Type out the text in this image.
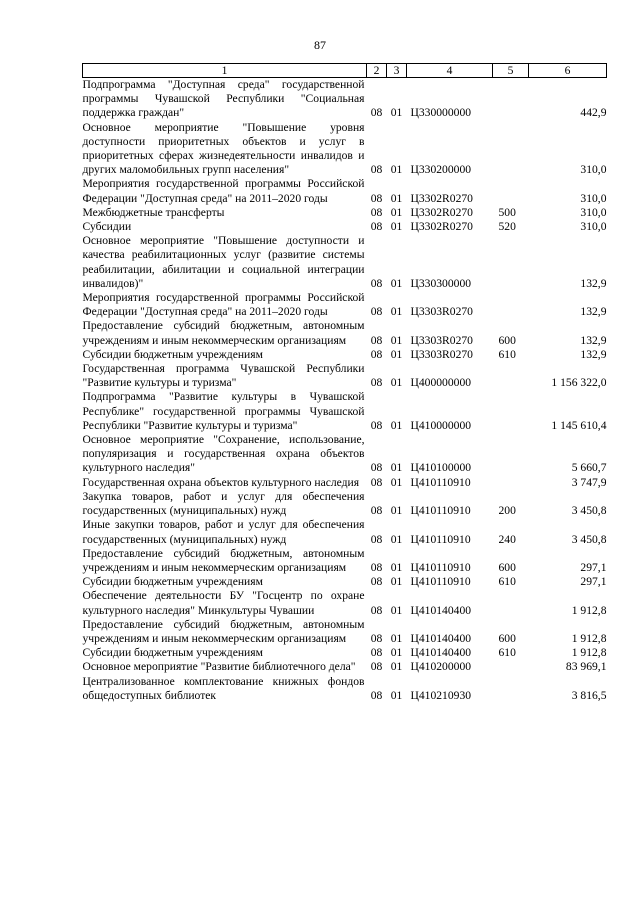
87
1	2	3	4	5	6
Подпрограмма "Доступная среда" государственной программы Чувашской Республики "Социальная поддержка граждан"	08	01	Ц330000000		442,9
Основное мероприятие "Повышение уровня доступности приоритетных объектов и услуг в приоритетных сферах жизнедеятельности инвалидов и других маломобильных групп населения"	08	01	Ц330200000		310,0
Мероприятия государственной программы Российской Федерации "Доступная среда" на 2011–2020 годы	08	01	Ц3302R0270		310,0
Межбюджетные трансферты	08	01	Ц3302R0270	500	310,0
Субсидии	08	01	Ц3302R0270	520	310,0
Основное мероприятие "Повышение доступности и качества реабилитационных услуг (развитие системы реабилитации, абилитации и социальной интеграции инвалидов)"	08	01	Ц330300000		132,9
Мероприятия государственной программы Российской Федерации "Доступная среда" на 2011–2020 годы	08	01	Ц3303R0270		132,9
Предоставление субсидий бюджетным, автономным учреждениям и иным некоммерческим организациям	08	01	Ц3303R0270	600	132,9
Субсидии бюджетным учреждениям	08	01	Ц3303R0270	610	132,9
Государственная программа Чувашской Республики "Развитие культуры и туризма"	08	01	Ц400000000		1 156 322,0
Подпрограмма "Развитие культуры в Чувашской Республике" государственной программы Чувашской Республики "Развитие культуры и туризма"	08	01	Ц410000000		1 145 610,4
Основное мероприятие "Сохранение, использование, популяризация и государственная охрана объектов культурного наследия"	08	01	Ц410100000		5 660,7
Государственная охрана объектов культурного наследия	08	01	Ц410110910		3 747,9
Закупка товаров, работ и услуг для обеспечения государственных (муниципальных) нужд	08	01	Ц410110910	200	3 450,8
Иные закупки товаров, работ и услуг для обеспечения государственных (муниципальных) нужд	08	01	Ц410110910	240	3 450,8
Предоставление субсидий бюджетным, автономным учреждениям и иным некоммерческим организациям	08	01	Ц410110910	600	297,1
Субсидии бюджетным учреждениям	08	01	Ц410110910	610	297,1
Обеспечение деятельности БУ "Госцентр по охране культурного наследия" Минкультуры Чувашии	08	01	Ц410140400		1 912,8
Предоставление субсидий бюджетным, автономным учреждениям и иным некоммерческим организациям	08	01	Ц410140400	600	1 912,8
Субсидии бюджетным учреждениям	08	01	Ц410140400	610	1 912,8
Основное мероприятие "Развитие библиотечного дела"	08	01	Ц410200000		83 969,1
Централизованное комплектование книжных фондов общедоступных библиотек	08	01	Ц410210930		3 816,5
